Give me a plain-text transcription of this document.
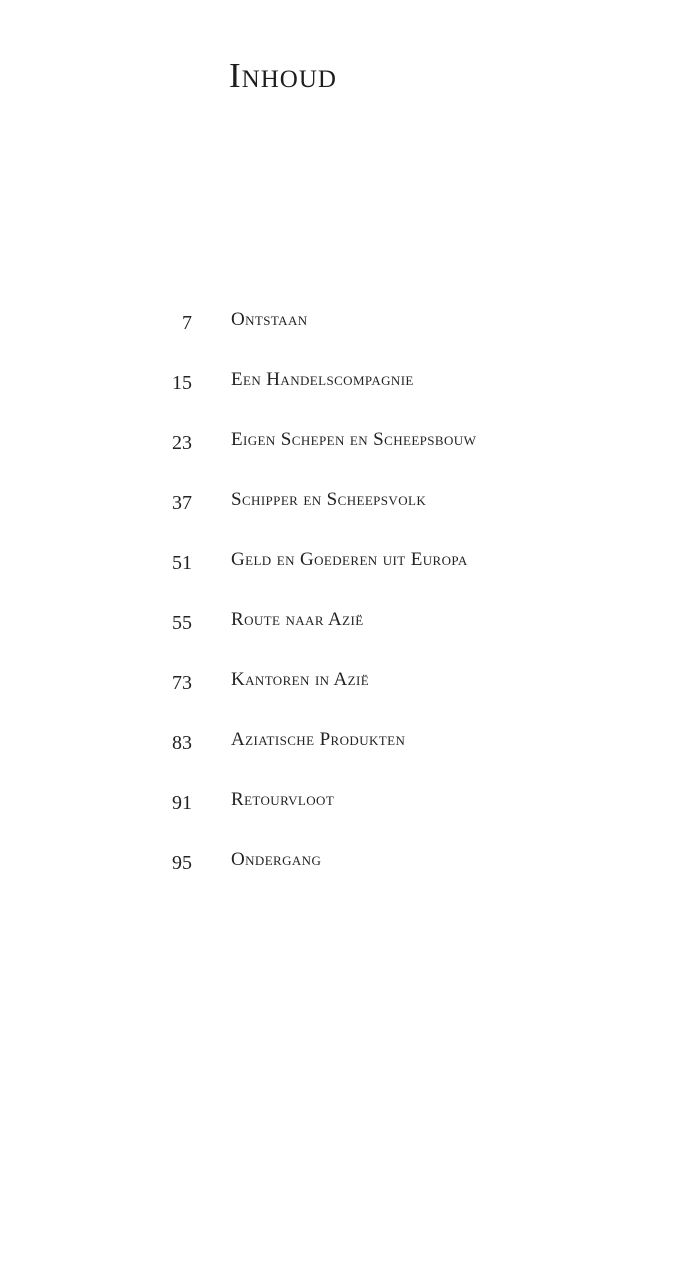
Inhoud
7 Ontstaan
15 Een Handelscompagnie
23 Eigen Schepen en Scheepsbouw
37 Schipper en Scheepsvolk
51 Geld en Goederen uit Europa
55 Route naar Azië
73 Kantoren in Azië
83 Aziatische Produkten
91 Retourvloot
95 Ondergang
